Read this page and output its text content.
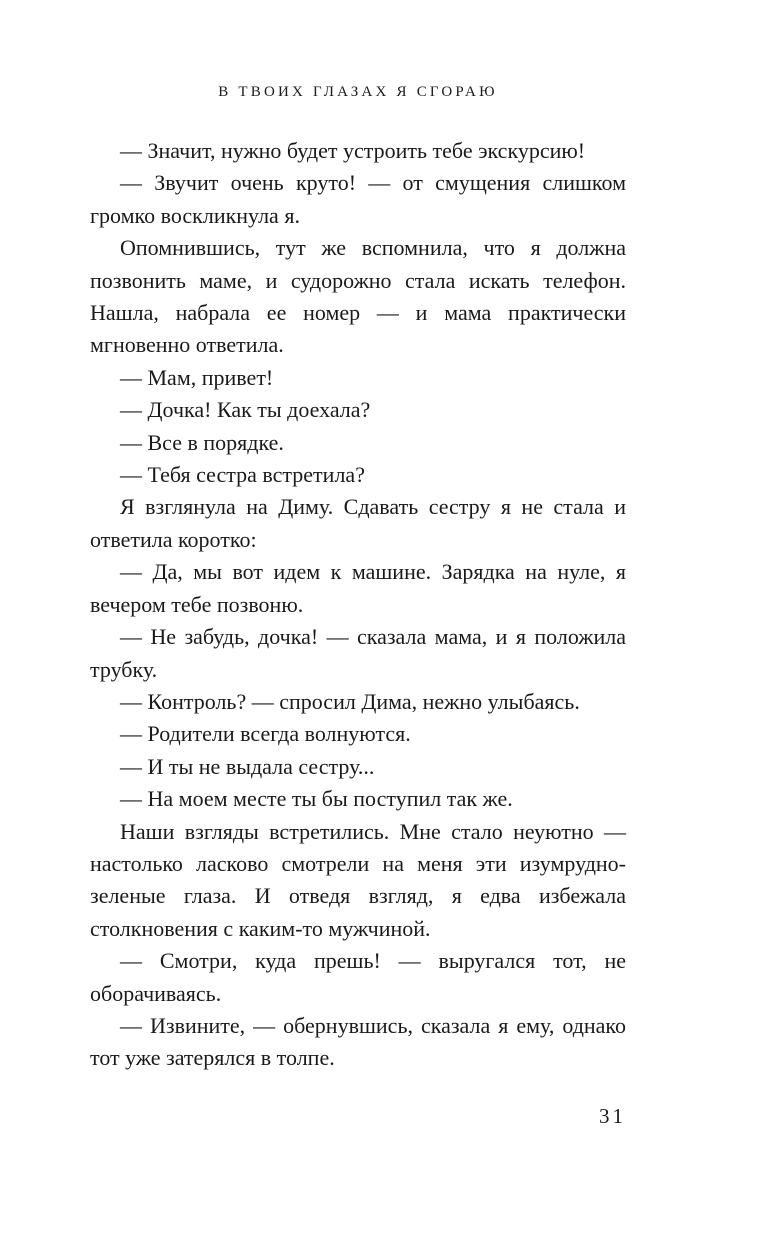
В ТВОИХ ГЛАЗАХ Я СГОРАЮ

— Значит, нужно будет устроить тебе экскурсию!

— Звучит очень круто! — от смущения слишком громко воскликнула я.

Опомнившись, тут же вспомнила, что я должна позвонить маме, и судорожно стала искать телефон. Нашла, набрала ее номер — и мама практически мгновенно ответила.

— Мам, привет!

— Дочка! Как ты доехала?

— Все в порядке.

— Тебя сестра встретила?

Я взглянула на Диму. Сдавать сестру я не стала и ответила коротко:

— Да, мы вот идем к машине. Зарядка на нуле, я вечером тебе позвоню.

— Не забудь, дочка! — сказала мама, и я положила трубку.

— Контроль? — спросил Дима, нежно улыбаясь.

— Родители всегда волнуются.

— И ты не выдала сестру...

— На моем месте ты бы поступил так же.

Наши взгляды встретились. Мне стало неуютно — настолько ласково смотрели на меня эти изумрудно-зеленые глаза. И отведя взгляд, я едва избежала столкновения с каким-то мужчиной.

— Смотри, куда прешь! — выругался тот, не оборачиваясь.

— Извините, — обернувшись, сказала я ему, однако тот уже затерялся в толпе.

31
